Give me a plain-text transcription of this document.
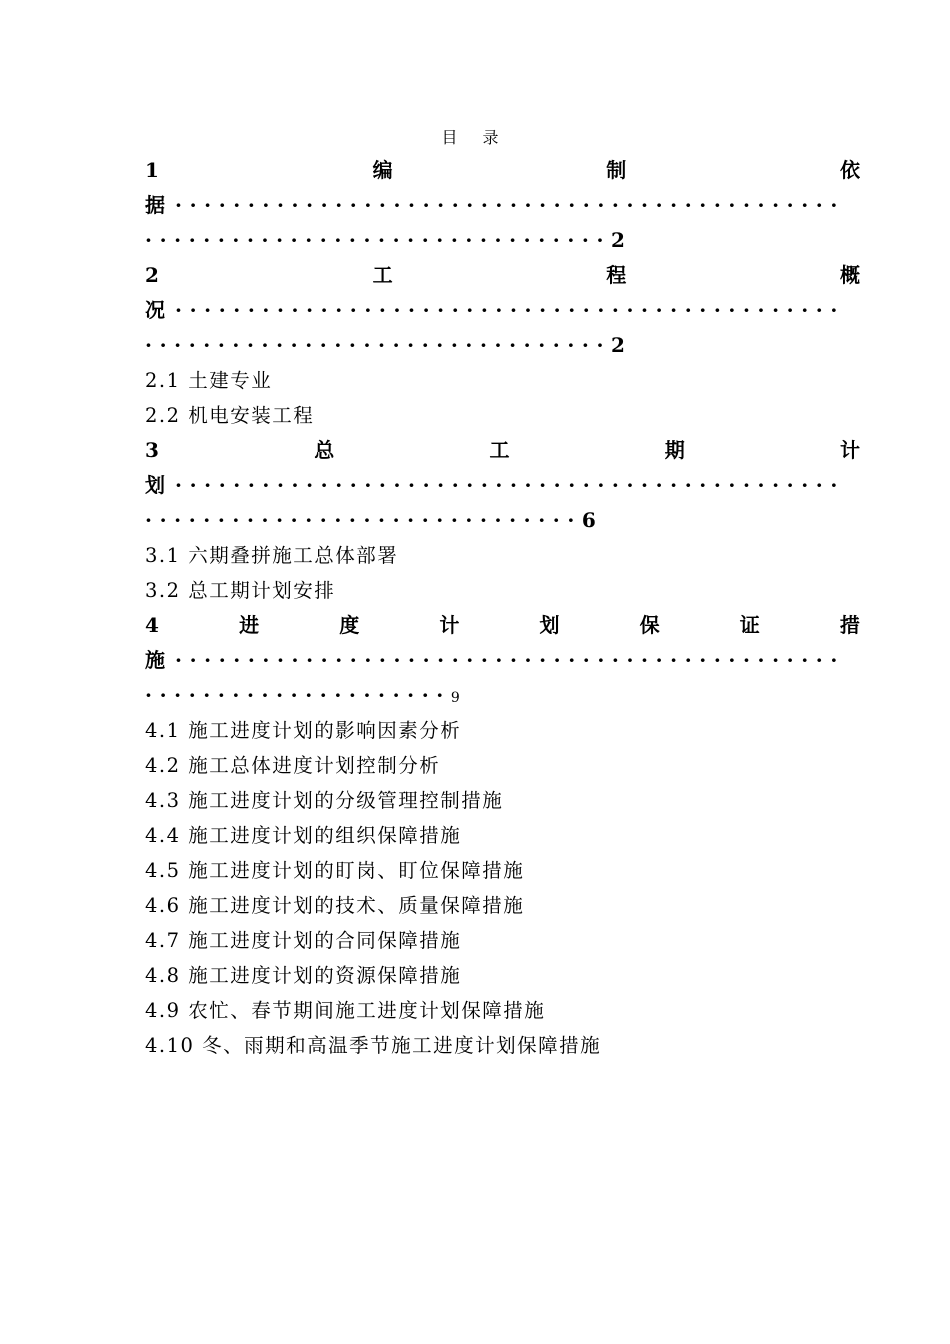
目 录
1	编	制	依
据 ··············································
································2
2	工	程	概
况 ··············································
································2
2.1 土建专业
2.2 机电安装工程
3	总	工	期	计
划 ··············································
······························6
3.1 六期叠拼施工总体部署
3.2 总工期计划安排
4	进	度	计	划	保	证	措
施 ··············································
·····················9
4.1 施工进度计划的影响因素分析
4.2 施工总体进度计划控制分析
4.3 施工进度计划的分级管理控制措施
4.4 施工进度计划的组织保障措施
4.5 施工进度计划的盯岗、盯位保障措施
4.6 施工进度计划的技术、质量保障措施
4.7 施工进度计划的合同保障措施
4.8 施工进度计划的资源保障措施
4.9 农忙、春节期间施工进度计划保障措施
4.10 冬、雨期和高温季节施工进度计划保障措施
